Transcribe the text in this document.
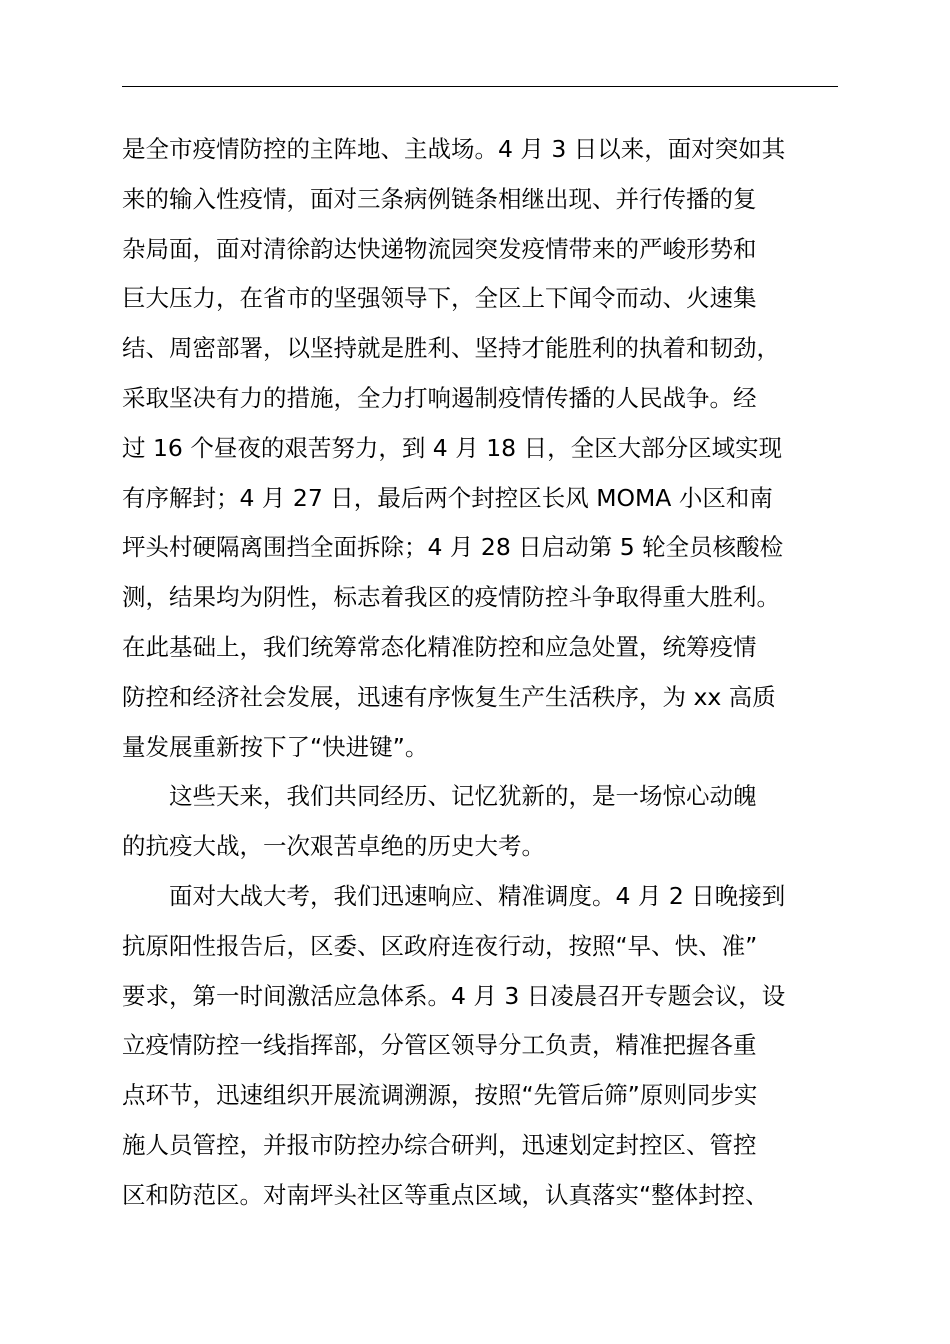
是全市疫情防控的主阵地、主战场。4 月 3 日以来，面对突如其
来的输入性疫情，面对三条病例链条相继出现、并行传播的复
杂局面，面对清徐韵达快递物流园突发疫情带来的严峻形势和
巨大压力，在省市的坚强领导下，全区上下闻令而动、火速集
结、周密部署，以坚持就是胜利、坚持才能胜利的执着和韧劲，
采取坚决有力的措施，全力打响遏制疫情传播的人民战争。经
过 16 个昼夜的艰苦努力，到 4 月 18 日，全区大部分区域实现
有序解封；4 月 27 日，最后两个封控区长风 MOMA 小区和南
坪头村硬隔离围挡全面拆除；4 月 28 日启动第 5 轮全员核酸检
测，结果均为阴性，标志着我区的疫情防控斗争取得重大胜利。
在此基础上，我们统筹常态化精准防控和应急处置，统筹疫情
防控和经济社会发展，迅速有序恢复生产生活秩序，为 xx 高质
量发展重新按下了“快进键”。
　　这些天来，我们共同经历、记忆犹新的，是一场惊心动魄
的抗疫大战，一次艰苦卓绝的历史大考。
　　面对大战大考，我们迅速响应、精准调度。4 月 2 日晚接到
抗原阳性报告后，区委、区政府连夜行动，按照“早、快、准”
要求，第一时间激活应急体系。4 月 3 日凌晨召开专题会议，设
立疫情防控一线指挥部，分管区领导分工负责，精准把握各重
点环节，迅速组织开展流调溯源，按照“先管后筛”原则同步实
施人员管控，并报市防控办综合研判，迅速划定封控区、管控
区和防范区。对南坪头社区等重点区域，认真落实“整体封控、
